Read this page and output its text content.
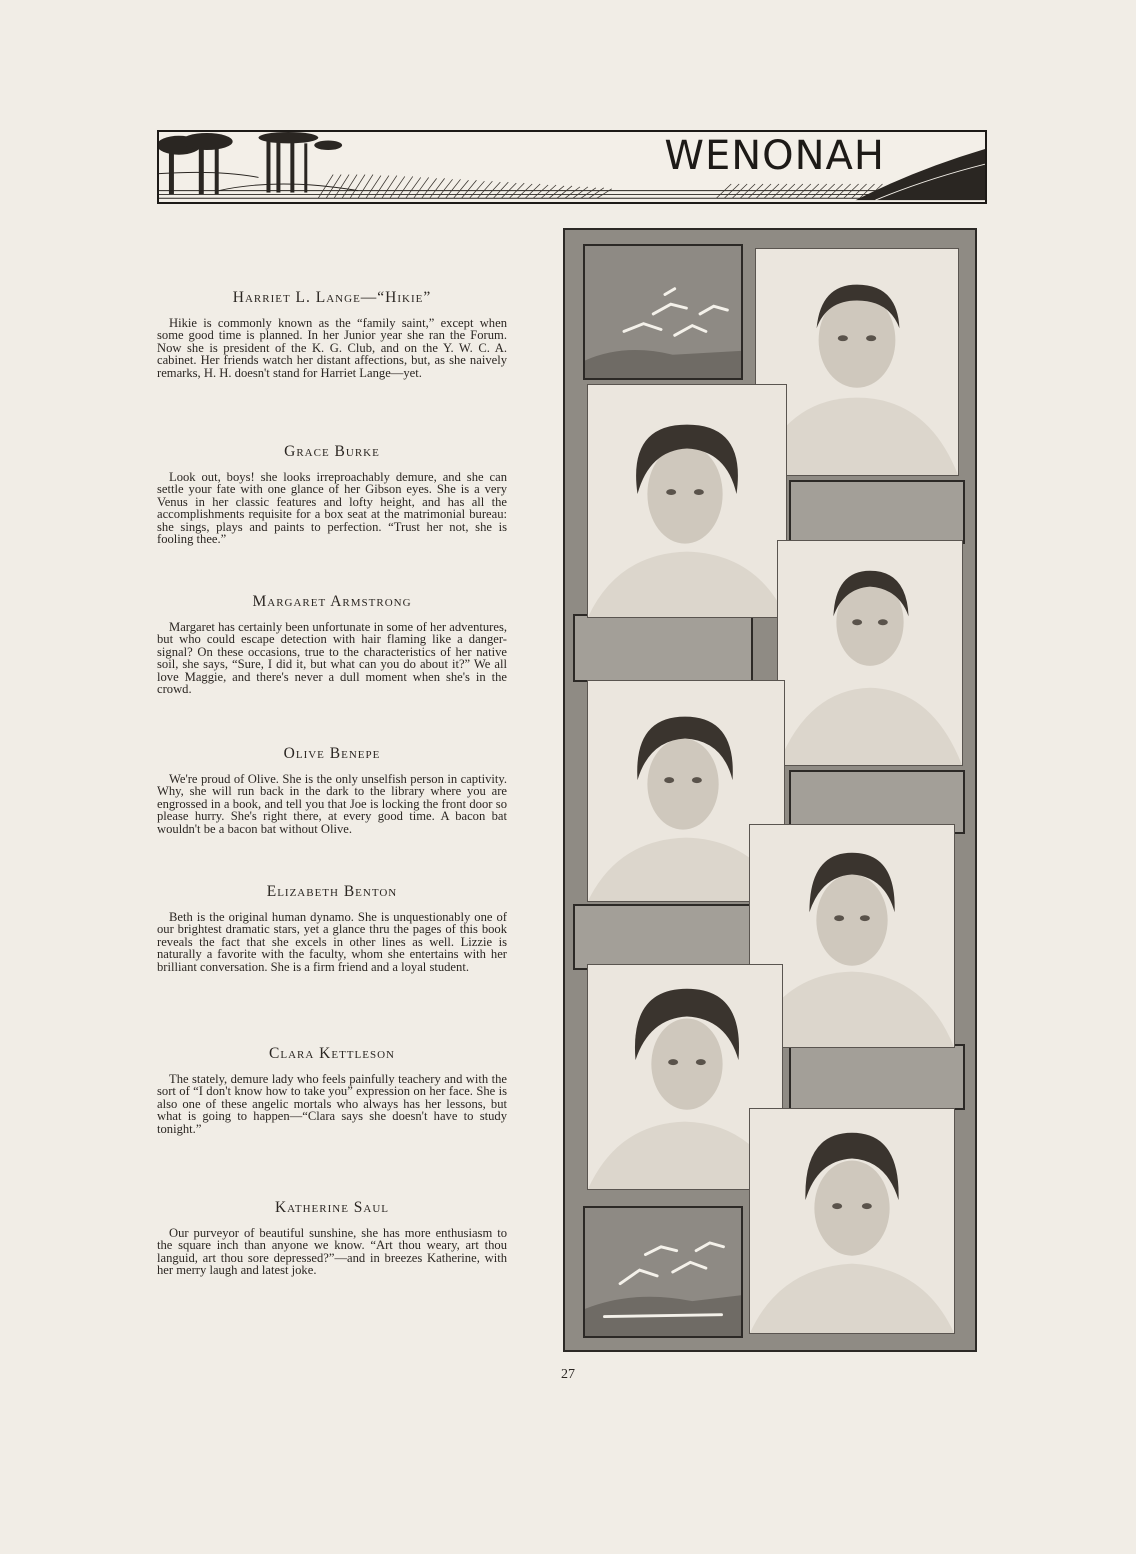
WENONAH
Harriet L. Lange—“Hikie”

Hikie is commonly known as the “family saint,” except when some good time is planned. In her Junior year she ran the Forum. Now she is president of the K. G. Club, and on the Y. W. C. A. cabinet. Her friends watch her distant affections, but, as she naively remarks, H. H. doesn't stand for Harriet Lange—yet.

Grace Burke

Look out, boys! she looks irreproachably demure, and she can settle your fate with one glance of her Gibson eyes. She is a very Venus in her classic features and lofty height, and has all the accomplishments requisite for a box seat at the matrimonial bureau: she sings, plays and paints to perfection. “Trust her not, she is fooling thee.”

Margaret Armstrong

Margaret has certainly been unfortunate in some of her adventures, but who could escape detection with hair flaming like a danger-signal? On these occasions, true to the characteristics of her native soil, she says, “Sure, I did it, but what can you do about it?” We all love Maggie, and there's never a dull moment when she's in the crowd.

Olive Benepe

We're proud of Olive. She is the only unselfish person in captivity. Why, she will run back in the dark to the library where you are engrossed in a book, and tell you that Joe is locking the front door so please hurry. She's right there, at every good time. A bacon bat wouldn't be a bacon bat without Olive.

Elizabeth Benton

Beth is the original human dynamo. She is unquestionably one of our brightest dramatic stars, yet a glance thru the pages of this book reveals the fact that she excels in other lines as well. Lizzie is naturally a favorite with the faculty, whom she entertains with her brilliant conversation. She is a firm friend and a loyal student.

Clara Kettleson

The stately, demure lady who feels painfully teachery and with the sort of “I don't know how to take you” expression on her face. She is also one of these angelic mortals who always has her lessons, but what is going to happen—“Clara says she doesn't have to study tonight.”

Katherine Saul

Our purveyor of beautiful sunshine, she has more enthusiasm to the square inch than anyone we know. “Art thou weary, art thou languid, art thou sore depressed?”—and in breezes Katherine, with her merry laugh and latest joke.

27
